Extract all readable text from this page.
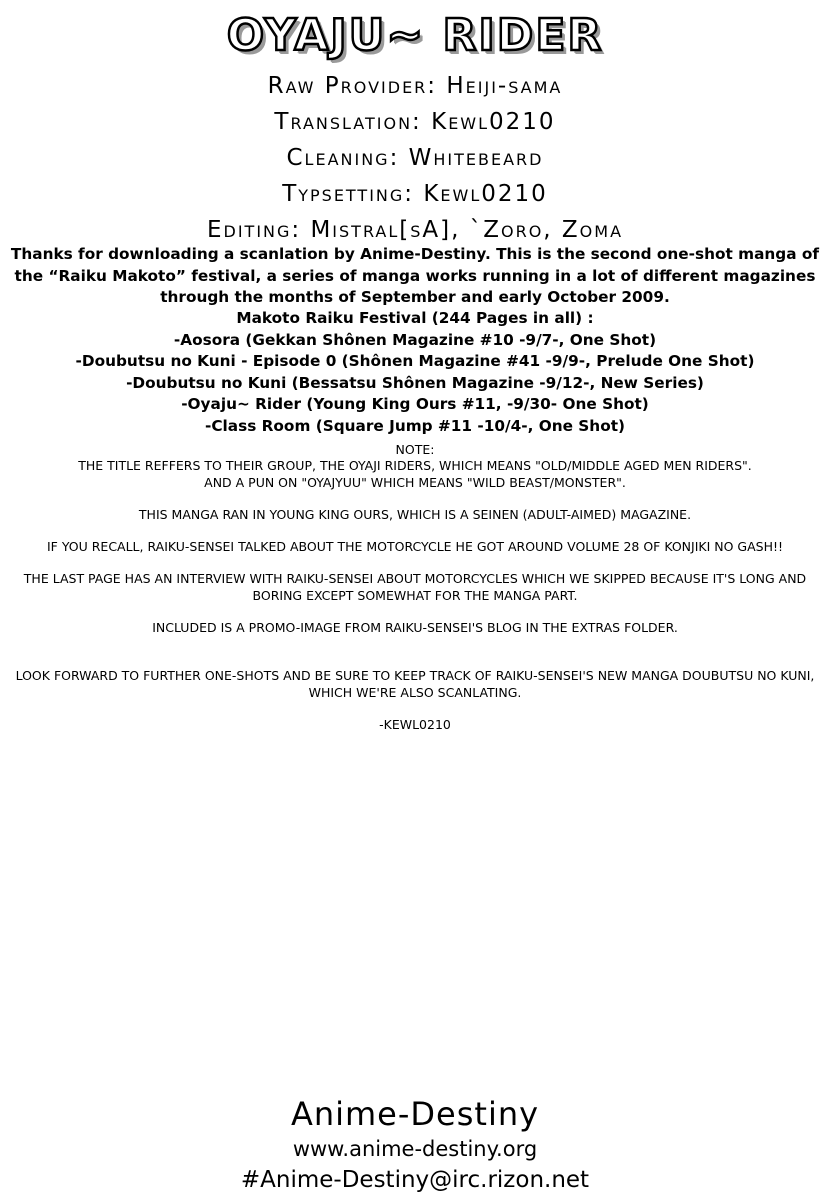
OYAJU~ RIDER
Raw Provider: Heiji-sama
Translation: Kewl0210
Cleaning: Whitebeard
Typsetting: Kewl0210
Editing: Mistral[sA], `Zoro, Zoma

Thanks for downloading a scanlation by Anime-Destiny. This is the second one-shot manga of the “Raiku Makoto” festival, a series of manga works running in a lot of different magazines through the months of September and early October 2009.

Makoto Raiku Festival (244 Pages in all) :
-Aosora (Gekkan Shônen Magazine #10 -9/7-, One Shot)
-Doubutsu no Kuni - Episode 0 (Shônen Magazine #41 -9/9-, Prelude One Shot)
-Doubutsu no Kuni (Bessatsu Shônen Magazine -9/12-, New Series)
-Oyaju~ Rider (Young King Ours #11, -9/30- One Shot)
-Class Room (Square Jump #11 -10/4-, One Shot)

NOTE:

THE TITLE REFFERS TO THEIR GROUP, THE OYAJI RIDERS, WHICH MEANS "OLD/MIDDLE AGED MEN RIDERS".

AND A PUN ON "OYAJYUU" WHICH MEANS "WILD BEAST/MONSTER".

THIS MANGA RAN IN YOUNG KING OURS, WHICH IS A SEINEN (ADULT-AIMED) MAGAZINE.

IF YOU RECALL, RAIKU-SENSEI TALKED ABOUT THE MOTORCYCLE HE GOT AROUND VOLUME 28 OF KONJIKI NO GASH!!

THE LAST PAGE HAS AN INTERVIEW WITH RAIKU-SENSEI ABOUT MOTORCYCLES WHICH WE SKIPPED BECAUSE IT'S LONG AND BORING EXCEPT SOMEWHAT FOR THE MANGA PART.

INCLUDED IS A PROMO-IMAGE FROM RAIKU-SENSEI'S BLOG IN THE EXTRAS FOLDER.

LOOK FORWARD TO FURTHER ONE-SHOTS AND BE SURE TO KEEP TRACK OF RAIKU-SENSEI'S NEW MANGA DOUBUTSU NO KUNI, WHICH WE'RE ALSO SCANLATING.

-KEWL0210

Anime-Destiny
www.anime-destiny.org
#Anime-Destiny@irc.rizon.net
